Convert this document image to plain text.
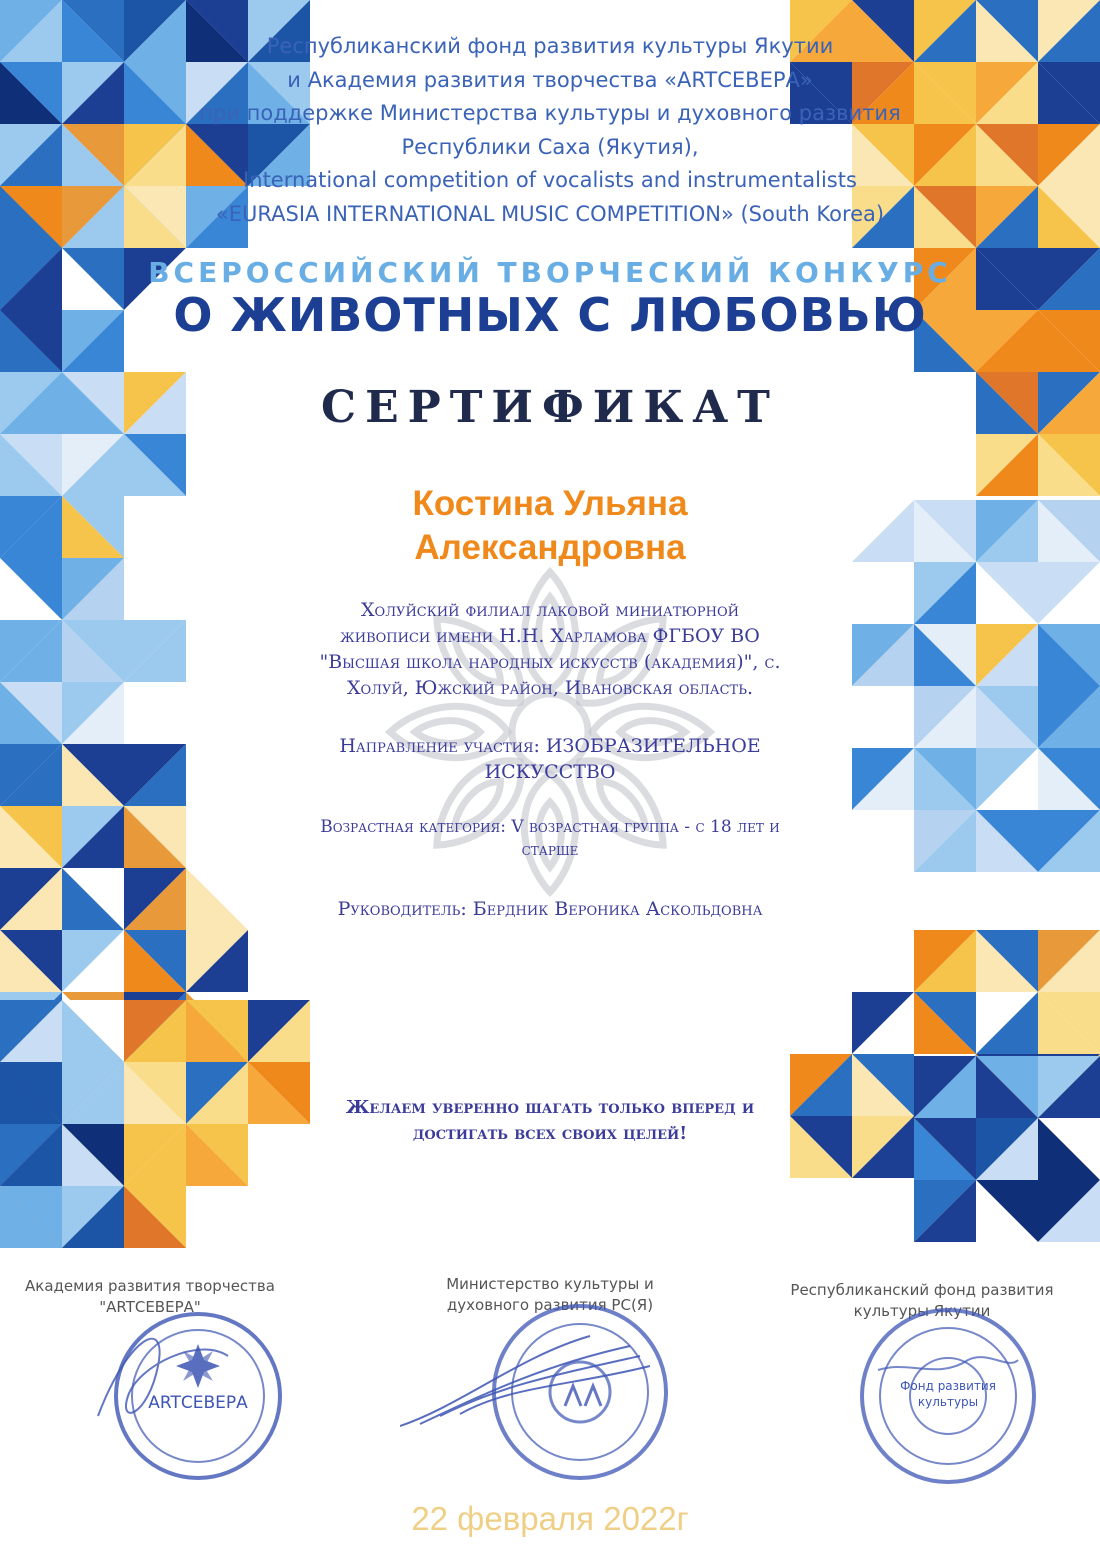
Республиканский фонд развития культуры Якутии
и Академия развития творчества «ARTСЕВЕРА»
при поддержке Министерства культуры и духовного развития
Республики Саха (Якутия),
International competition of vocalists and instrumentalists
«EURASIA INTERNATIONAL MUSIC COMPETITION» (South Korea)
ВСЕРОССИЙСКИЙ ТВОРЧЕСКИЙ КОНКУРС
О ЖИВОТНЫХ С ЛЮБОВЬЮ
СЕРТИФИКАТ
Костина Ульяна
Александровна
Холуйский филиал лаковой миниатюрной
живописи имени Н.Н. Харламова ФГБОУ ВО
"Высшая школа народных искусств (академия)", с.
Холуй, Южский район, Ивановская область.
Направление участия: ИЗОБРАЗИТЕЛЬНОЕ
ИСКУССТВО
Возрастная категория: V возрастная группа - с 18 лет и
старше
Руководитель: Бердник Вероника Аскольдовна
Желаем уверенно шагать только вперед и
достигать всех своих целей!
Академия развития творчества
"ARTСЕВЕРА"
Министерство культуры и
духовного развития РС(Я)
Республиканский фонд развития
культуры Якутии
ARTСЕВЕРА
Фонд развития
культуры
22 февраля 2022г
